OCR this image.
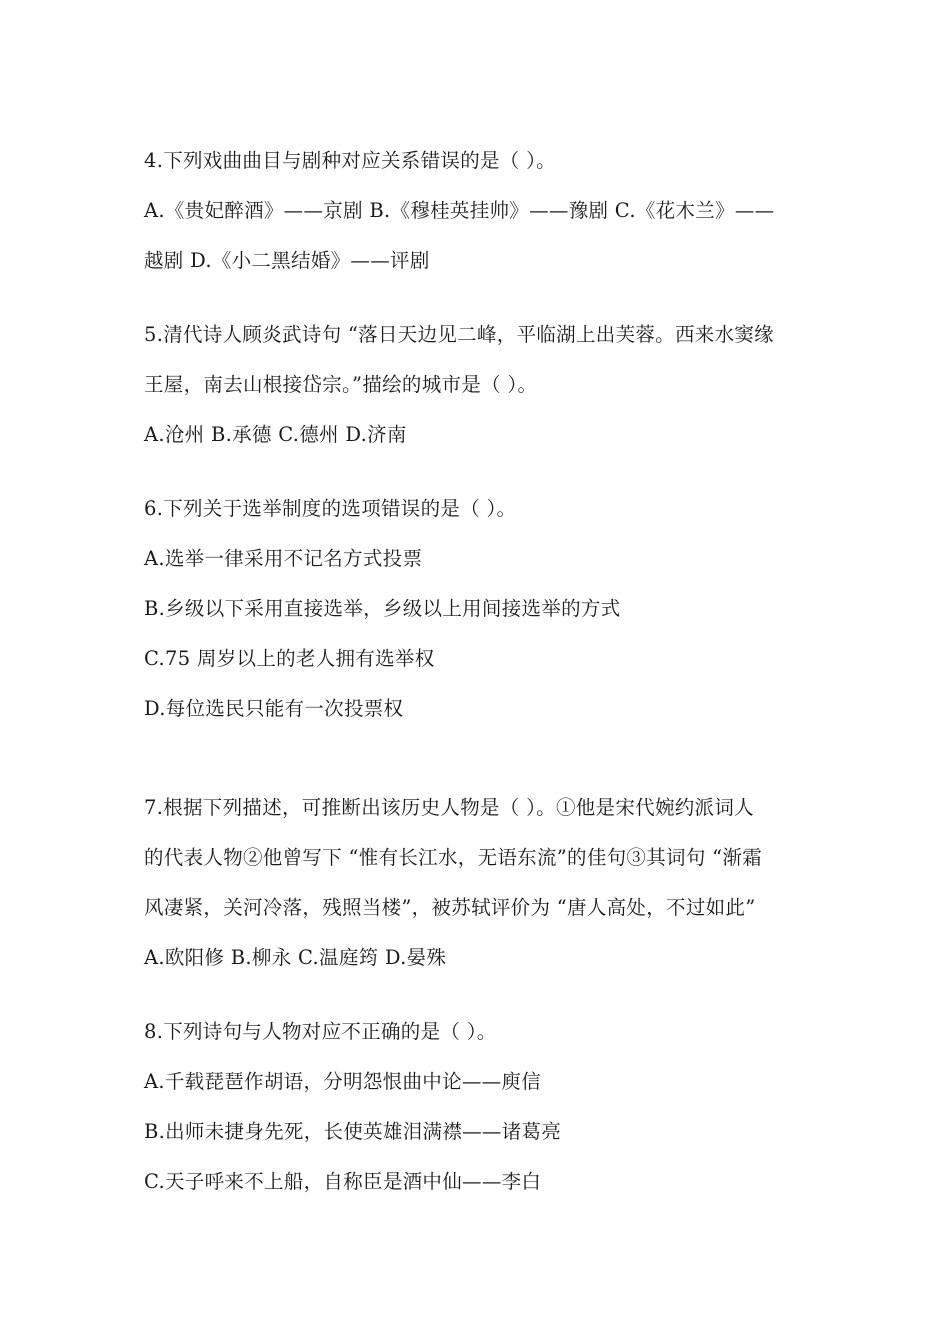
4.下列戏曲曲目与剧种对应关系错误的是（ ）。
A.《贵妃醉酒》——京剧 B.《穆桂英挂帅》——豫剧 C.《花木兰》——
越剧 D.《小二黑结婚》——评剧
5.清代诗人顾炎武诗句 “落日天边见二峰，平临湖上出芙蓉。西来水窦缘
王屋，南去山根接岱宗。”描绘的城市是（ ）。
A.沧州 B.承德 C.德州 D.济南
6.下列关于选举制度的选项错误的是（ ）。
A.选举一律采用不记名方式投票
B.乡级以下采用直接选举，乡级以上用间接选举的方式
C.75 周岁以上的老人拥有选举权
D.每位选民只能有一次投票权
7.根据下列描述，可推断出该历史人物是（ ）。①他是宋代婉约派词人
的代表人物②他曾写下 “惟有长江水，无语东流”的佳句③其词句 “渐霜
风凄紧，关河冷落，残照当楼”，被苏轼评价为 “唐人高处，不过如此”
A.欧阳修 B.柳永 C.温庭筠 D.晏殊
8.下列诗句与人物对应不正确的是（ ）。
A.千载琵琶作胡语，分明怨恨曲中论——庾信
B.出师未捷身先死，长使英雄泪满襟——诸葛亮
C.天子呼来不上船，自称臣是酒中仙——李白
